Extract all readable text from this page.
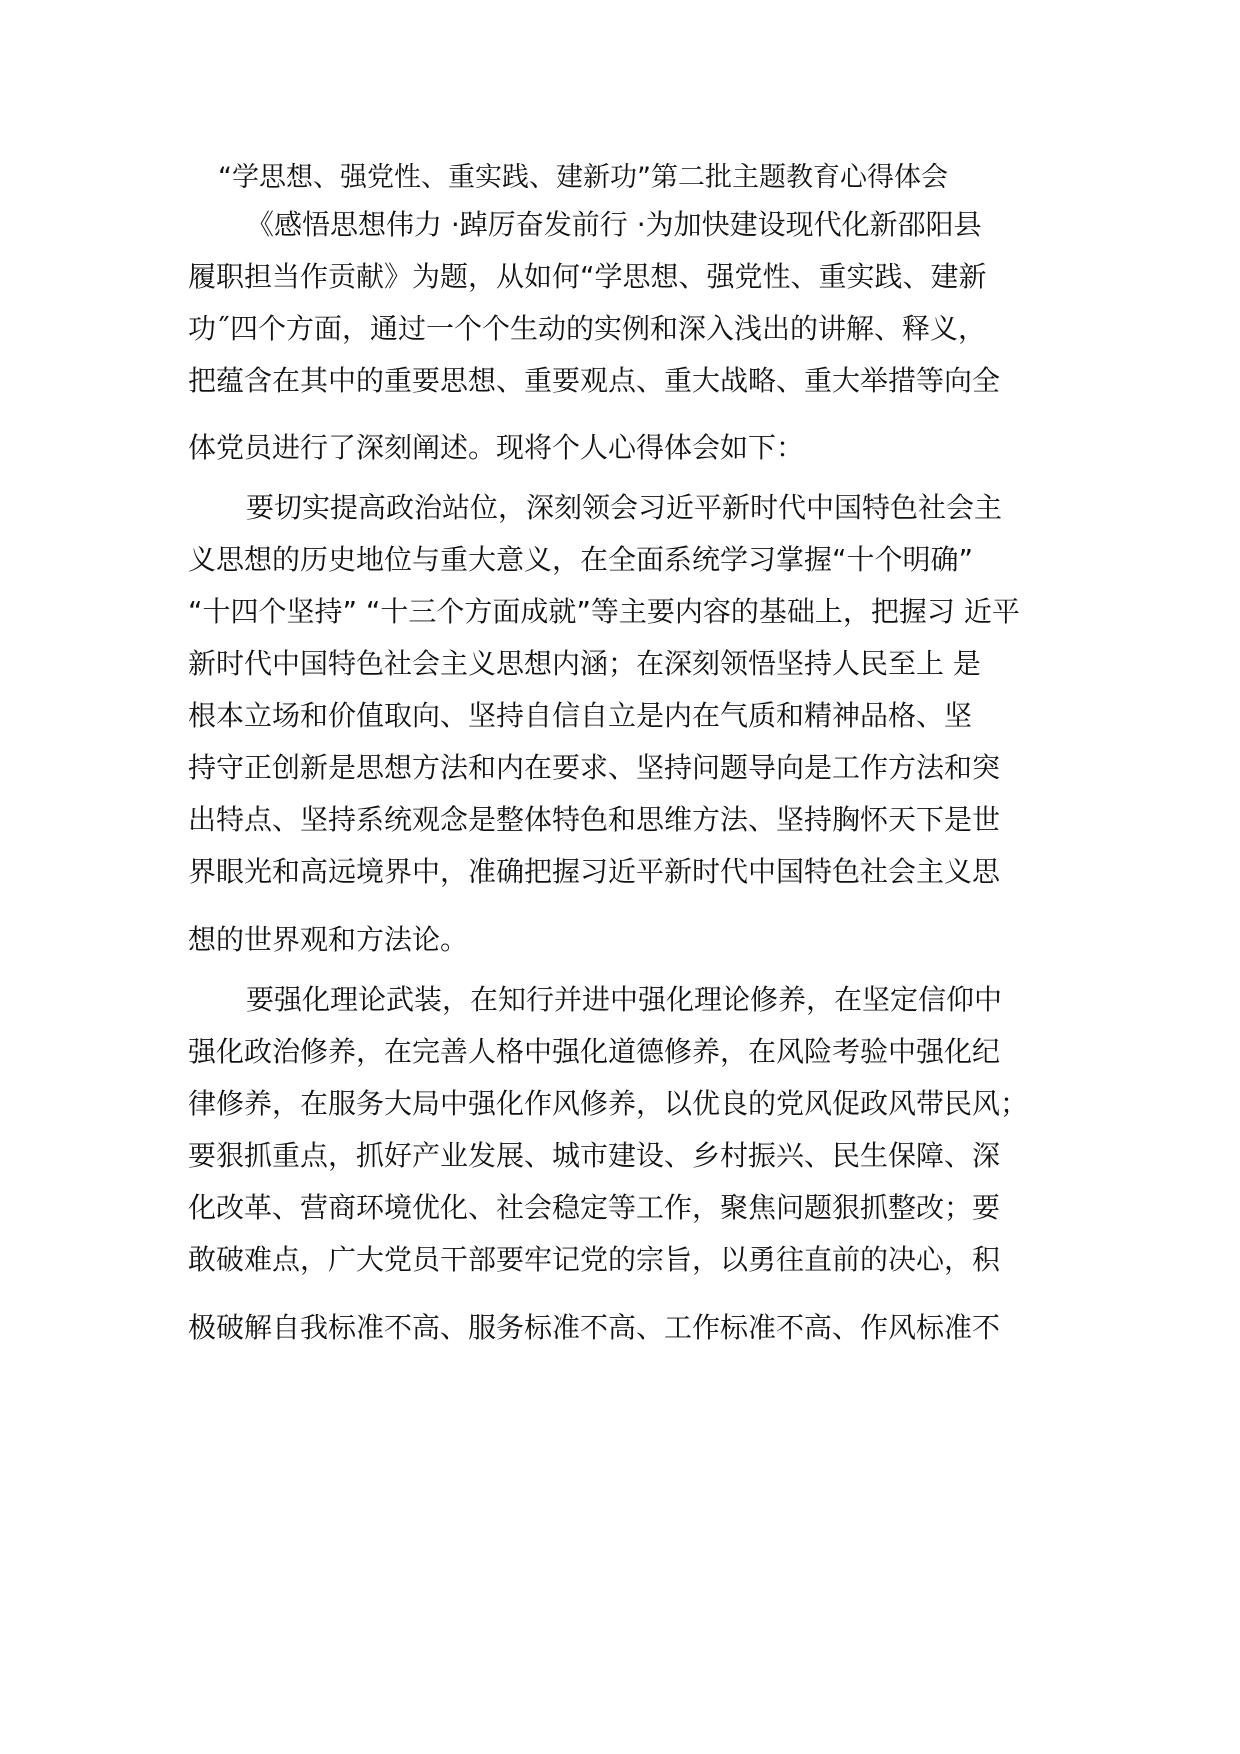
“学思想、强党性、重实践、建新功”第二批主题教育心得体会
《感悟思想伟力 ·踔厉奋发前行 ·为加快建设现代化新邵阳县
履职担当作贡献》为题，从如何“学思想、强党性、重实践、建新
功˝四个方面，通过一个个生动的实例和深入浅出的讲解、释义，
把蕴含在其中的重要思想、重要观点、重大战略、重大举措等向全
体党员进行了深刻阐述。现将个人心得体会如下：
要切实提高政治站位，深刻领会习近平新时代中国特色社会主
义思想的历史地位与重大意义，在全面系统学习掌握“十个明确”
“十四个坚持” “十三个方面成就”等主要内容的基础上，把握习 近平
新时代中国特色社会主义思想内涵；在深刻领悟坚持人民至上 是
根本立场和价值取向、坚持自信自立是内在气质和精神品格、坚
持守正创新是思想方法和内在要求、坚持问题导向是工作方法和突
出特点、坚持系统观念是整体特色和思维方法、坚持胸怀天下是世
界眼光和高远境界中，准确把握习近平新时代中国特色社会主义思
想的世界观和方法论。
要强化理论武装，在知行并进中强化理论修养，在坚定信仰中
强化政治修养，在完善人格中强化道德修养，在风险考验中强化纪
律修养，在服务大局中强化作风修养，以优良的党风促政风带民风；
要狠抓重点，抓好产业发展、城市建设、乡村振兴、民生保障、深
化改革、营商环境优化、社会稳定等工作，聚焦问题狠抓整改；要
敢破难点，广大党员干部要牢记党的宗旨，以勇往直前的决心，积
极破解自我标准不高、服务标准不高、工作标准不高、作风标准不
